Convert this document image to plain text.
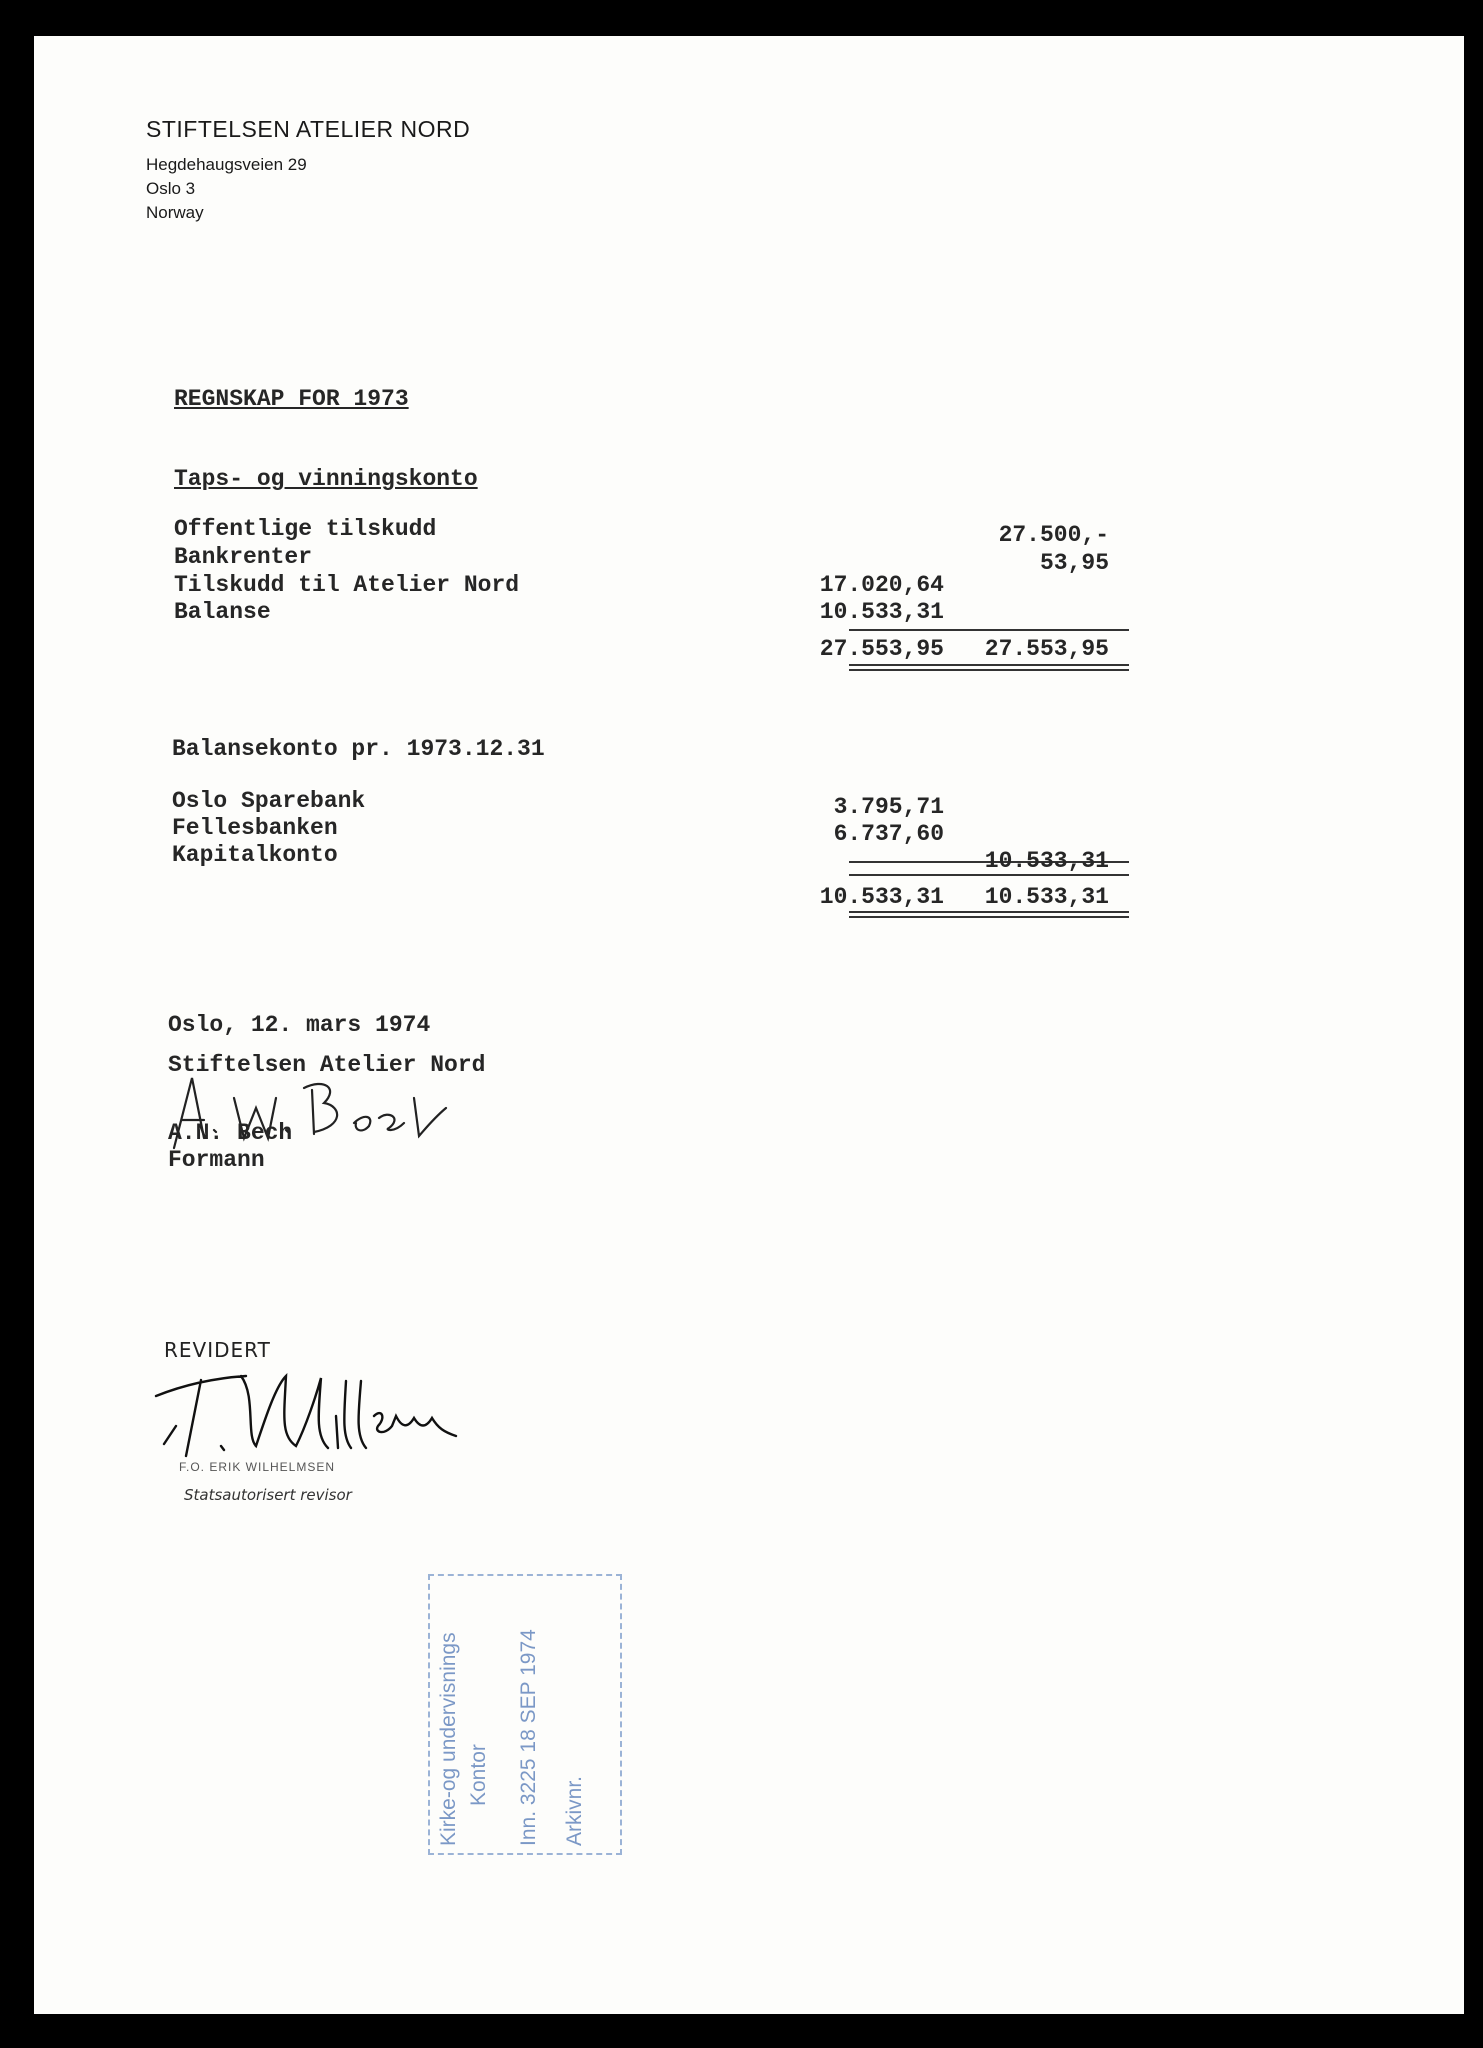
STIFTELSEN ATELIER NORD
Hegdehaugsveien 29
Oslo 3
Norway
REGNSKAP FOR 1973
Taps- og vinningskonto
Offentlige tilskudd
Bankrenter
Tilskudd til Atelier Nord
Balanse
17.020,64
10.533,31
27.500,-
53,95
27.553,95	27.553,95
Balansekonto pr. 1973.12.31
Oslo Sparebank
Fellesbanken
Kapitalkonto
3.795,71
6.737,60
10.533,31
10.533,31	10.533,31
Oslo, 12. mars 1974
Stiftelsen Atelier Nord
A.N. Bech
Formann
REVIDERT
F.O. ERIK WILHELMSEN
Statsautorisert revisor
Kirke-og undervisnings Kontor Inn. 3225 18 SEP 1974 Arkivnr.
